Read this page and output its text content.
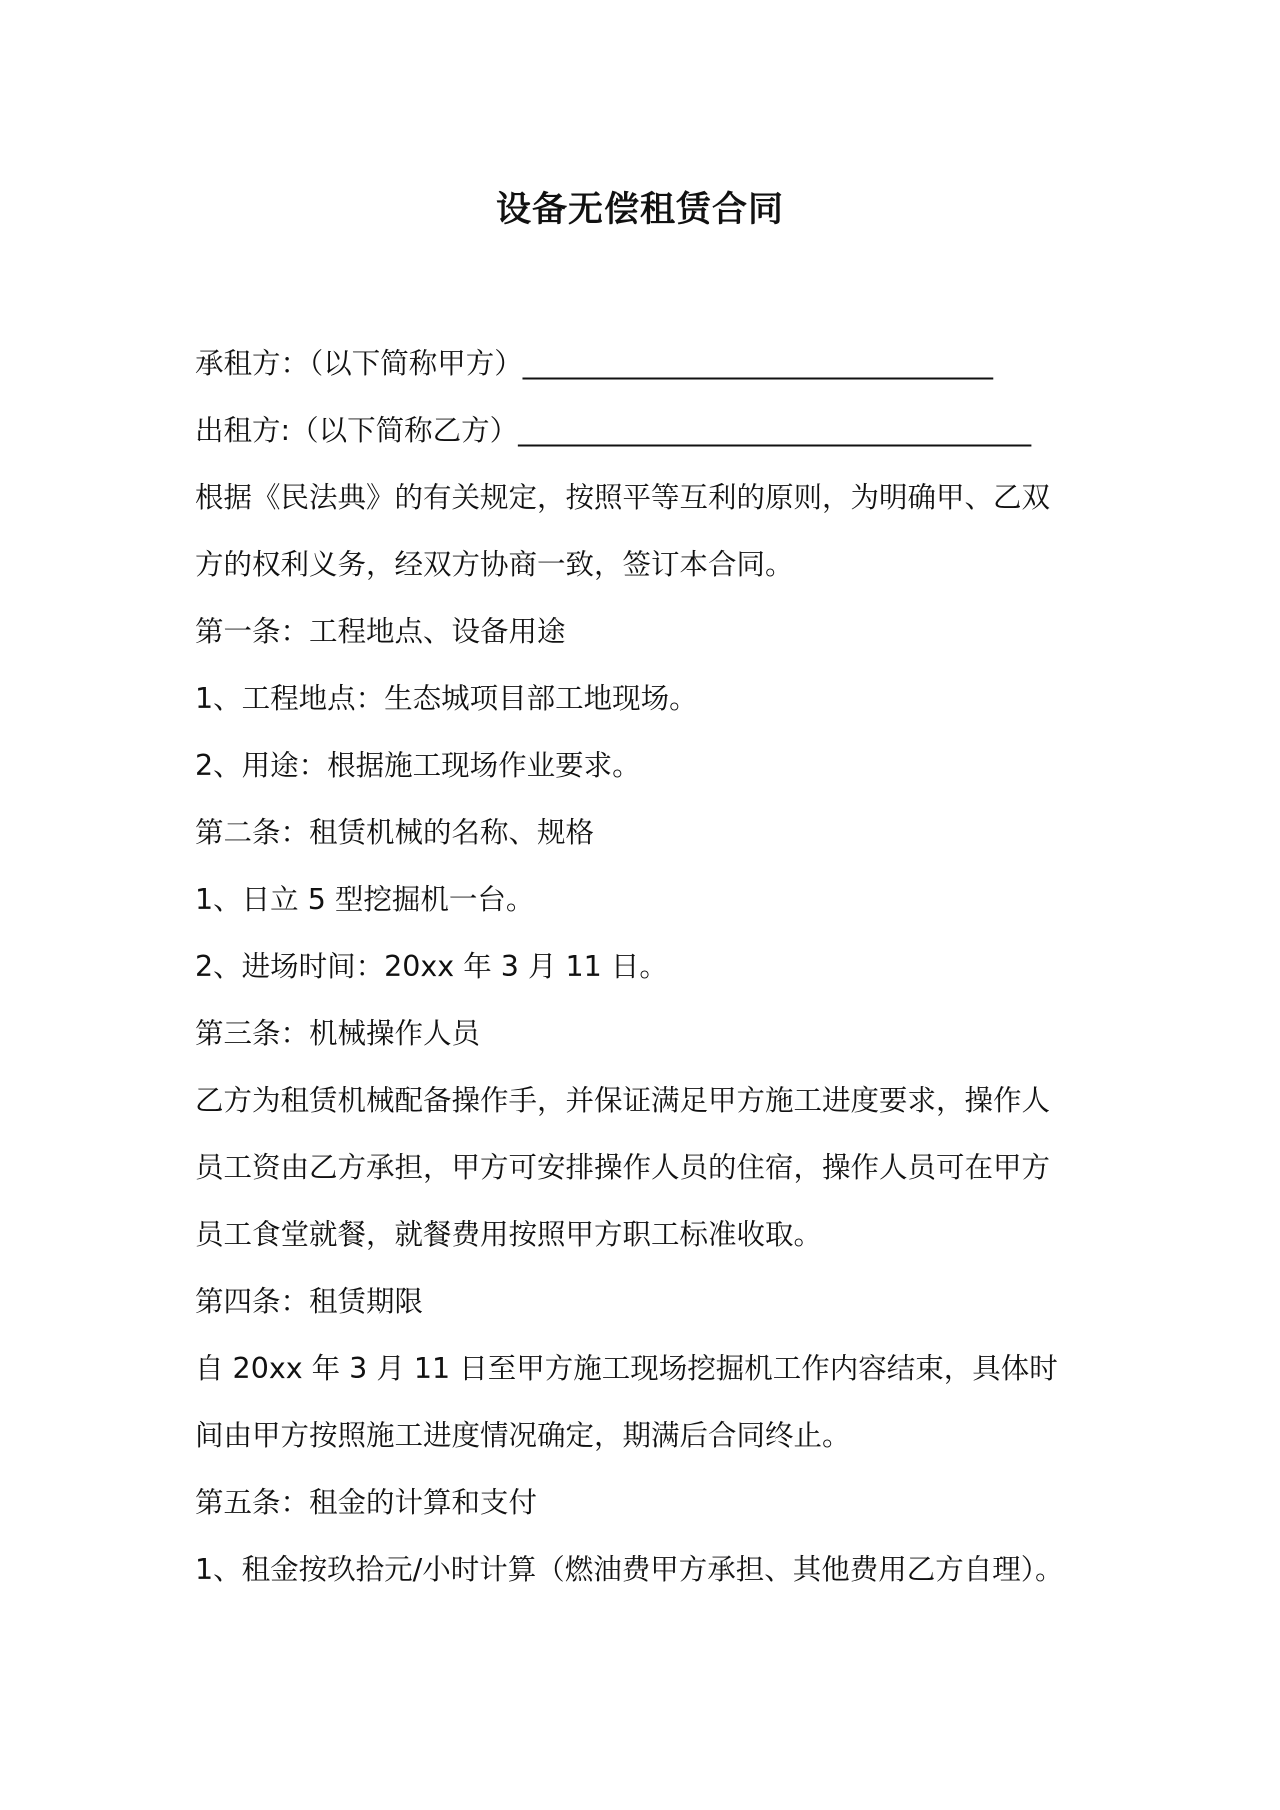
设备无偿租赁合同

承租方：（以下简称甲方）_________________________________

出租方:（以下简称乙方）____________________________________

根据《民法典》的有关规定，按照平等互利的原则，为明确甲、乙双

方的权利义务，经双方协商一致，签订本合同。

第一条：工程地点、设备用途

1、工程地点：生态城项目部工地现场。

2、用途：根据施工现场作业要求。

第二条：租赁机械的名称、规格

1、日立 5 型挖掘机一台。

2、进场时间：20xx 年 3 月 11 日。

第三条：机械操作人员

乙方为租赁机械配备操作手，并保证满足甲方施工进度要求，操作人

员工资由乙方承担，甲方可安排操作人员的住宿，操作人员可在甲方

员工食堂就餐，就餐费用按照甲方职工标准收取。

第四条：租赁期限

自 20xx 年 3 月 11 日至甲方施工现场挖掘机工作内容结束，具体时

间由甲方按照施工进度情况确定，期满后合同终止。

第五条：租金的计算和支付

1、租金按玖拾元/小时计算（燃油费甲方承担、其他费用乙方自理）。
